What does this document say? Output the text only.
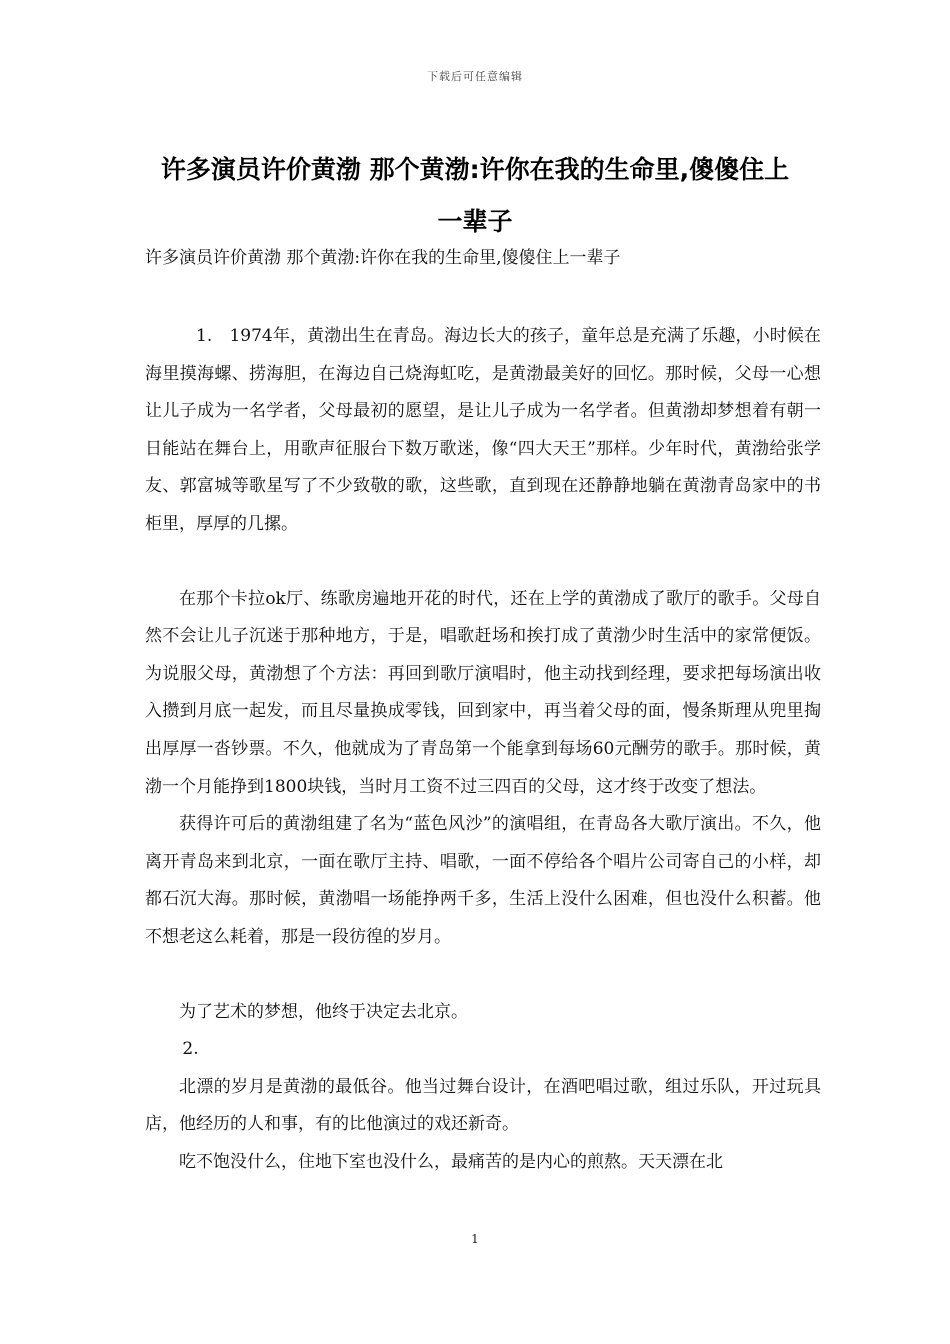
下载后可任意编辑
许多演员许价黄渤 那个黄渤:许你在我的生命里,傻傻住上
一辈子
许多演员许价黄渤 那个黄渤:许你在我的生命里,傻傻住上一辈子

1.　1974年，黄渤出生在青岛。海边长大的孩子，童年总是充满了乐趣，小时候在海里摸海螺、捞海胆，在海边自己烧海虹吃，是黄渤最美好的回忆。那时候，父母一心想让儿子成为一名学者，父母最初的愿望，是让儿子成为一名学者。但黄渤却梦想着有朝一日能站在舞台上，用歌声征服台下数万歌迷，像“四大天王”那样。少年时代，黄渤给张学友、郭富城等歌星写了不少致敬的歌，这些歌，直到现在还静静地躺在黄渤青岛家中的书柜里，厚厚的几摞。

在那个卡拉ok厅、练歌房遍地开花的时代，还在上学的黄渤成了歌厅的歌手。父母自然不会让儿子沉迷于那种地方，于是，唱歌赶场和挨打成了黄渤少时生活中的家常便饭。为说服父母，黄渤想了个方法：再回到歌厅演唱时，他主动找到经理，要求把每场演出收入攒到月底一起发，而且尽量换成零钱，回到家中，再当着父母的面，慢条斯理从兜里掏出厚厚一沓钞票。不久，他就成为了青岛第一个能拿到每场60元酬劳的歌手。那时候，黄渤一个月能挣到1800块钱，当时月工资不过三四百的父母，这才终于改变了想法。

获得许可后的黄渤组建了名为“蓝色风沙”的演唱组，在青岛各大歌厅演出。不久，他离开青岛来到北京，一面在歌厅主持、唱歌，一面不停给各个唱片公司寄自己的小样，却都石沉大海。那时候，黄渤唱一场能挣两千多，生活上没什么困难，但也没什么积蓄。他不想老这么耗着，那是一段彷徨的岁月。

为了艺术的梦想，他终于决定去北京。

2.

北漂的岁月是黄渤的最低谷。他当过舞台设计，在酒吧唱过歌，组过乐队，开过玩具店，他经历的人和事，有的比他演过的戏还新奇。

吃不饱没什么，住地下室也没什么，最痛苦的是内心的煎熬。天天漂在北

1
